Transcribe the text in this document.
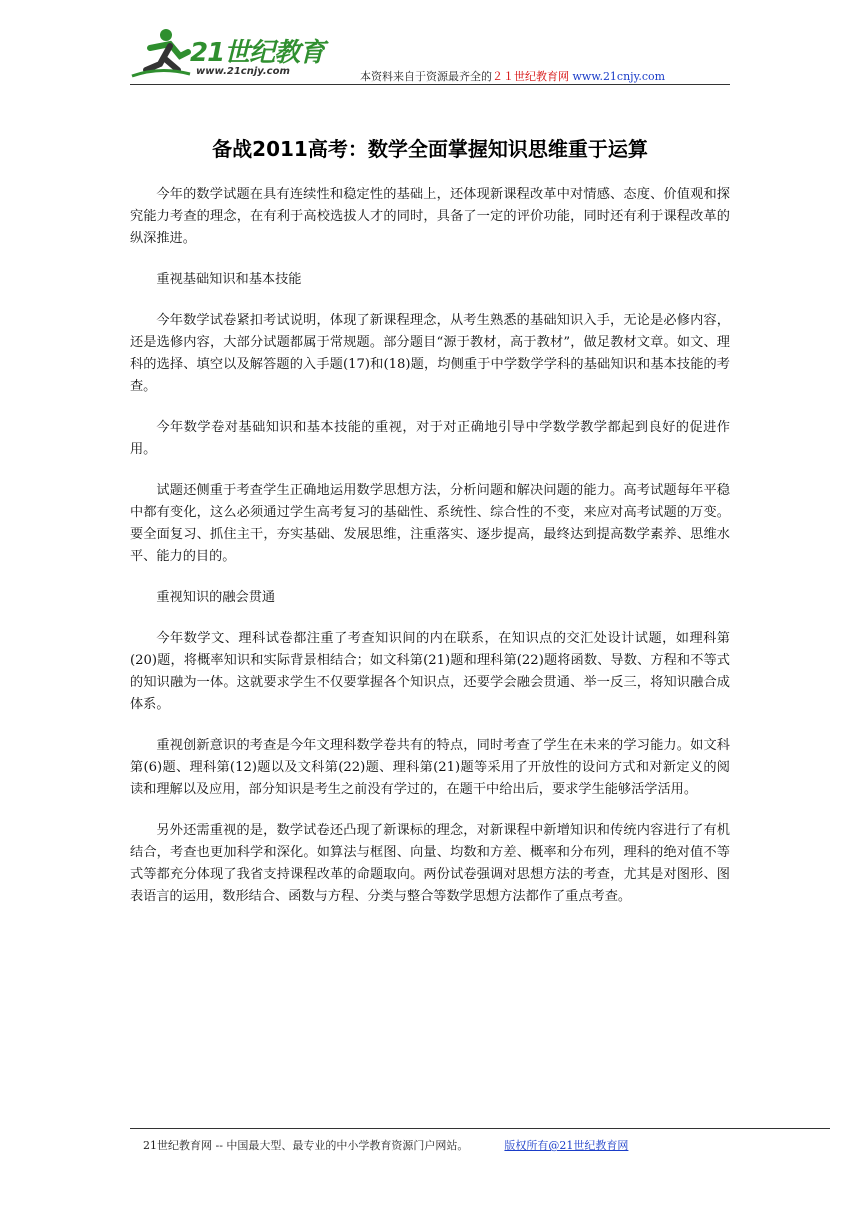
21世纪教育
www.21cnjy.com	本资料来自于资源最齐全的２１世纪教育网 www.21cnjy.com
备战2011高考：数学全面掌握知识思维重于运算

今年的数学试题在具有连续性和稳定性的基础上，还体现新课程改革中对情感、态度、价值观和探究能力考查的理念，在有利于高校选拔人才的同时，具备了一定的评价功能，同时还有利于课程改革的纵深推进。

重视基础知识和基本技能

今年数学试卷紧扣考试说明，体现了新课程理念，从考生熟悉的基础知识入手，无论是必修内容，还是选修内容，大部分试题都属于常规题。部分题目“源于教材，高于教材”，做足教材文章。如文、理科的选择、填空以及解答题的入手题(17)和(18)题，均侧重于中学数学学科的基础知识和基本技能的考查。

今年数学卷对基础知识和基本技能的重视，对于对正确地引导中学数学教学都起到良好的促进作用。

试题还侧重于考查学生正确地运用数学思想方法，分析问题和解决问题的能力。高考试题每年平稳中都有变化，这么必须通过学生高考复习的基础性、系统性、综合性的不变，来应对高考试题的万变。要全面复习、抓住主干，夯实基础、发展思维，注重落实、逐步提高，最终达到提高数学素养、思维水平、能力的目的。

重视知识的融会贯通

今年数学文、理科试卷都注重了考查知识间的内在联系，在知识点的交汇处设计试题，如理科第(20)题，将概率知识和实际背景相结合；如文科第(21)题和理科第(22)题将函数、导数、方程和不等式的知识融为一体。这就要求学生不仅要掌握各个知识点，还要学会融会贯通、举一反三，将知识融合成体系。

重视创新意识的考查是今年文理科数学卷共有的特点，同时考查了学生在未来的学习能力。如文科第(6)题、理科第(12)题以及文科第(22)题、理科第(21)题等采用了开放性的设问方式和对新定义的阅读和理解以及应用，部分知识是考生之前没有学过的，在题干中给出后，要求学生能够活学活用。

另外还需重视的是，数学试卷还凸现了新课标的理念，对新课程中新增知识和传统内容进行了有机结合，考查也更加科学和深化。如算法与框图、向量、均数和方差、概率和分布列，理科的绝对值不等式等都充分体现了我省支持课程改革的命题取向。两份试卷强调对思想方法的考查，尤其是对图形、图表语言的运用，数形结合、函数与方程、分类与整合等数学思想方法都作了重点考查。

21世纪教育网 -- 中国最大型、最专业的中小学教育资源门户网站。	版权所有@21世纪教育网
